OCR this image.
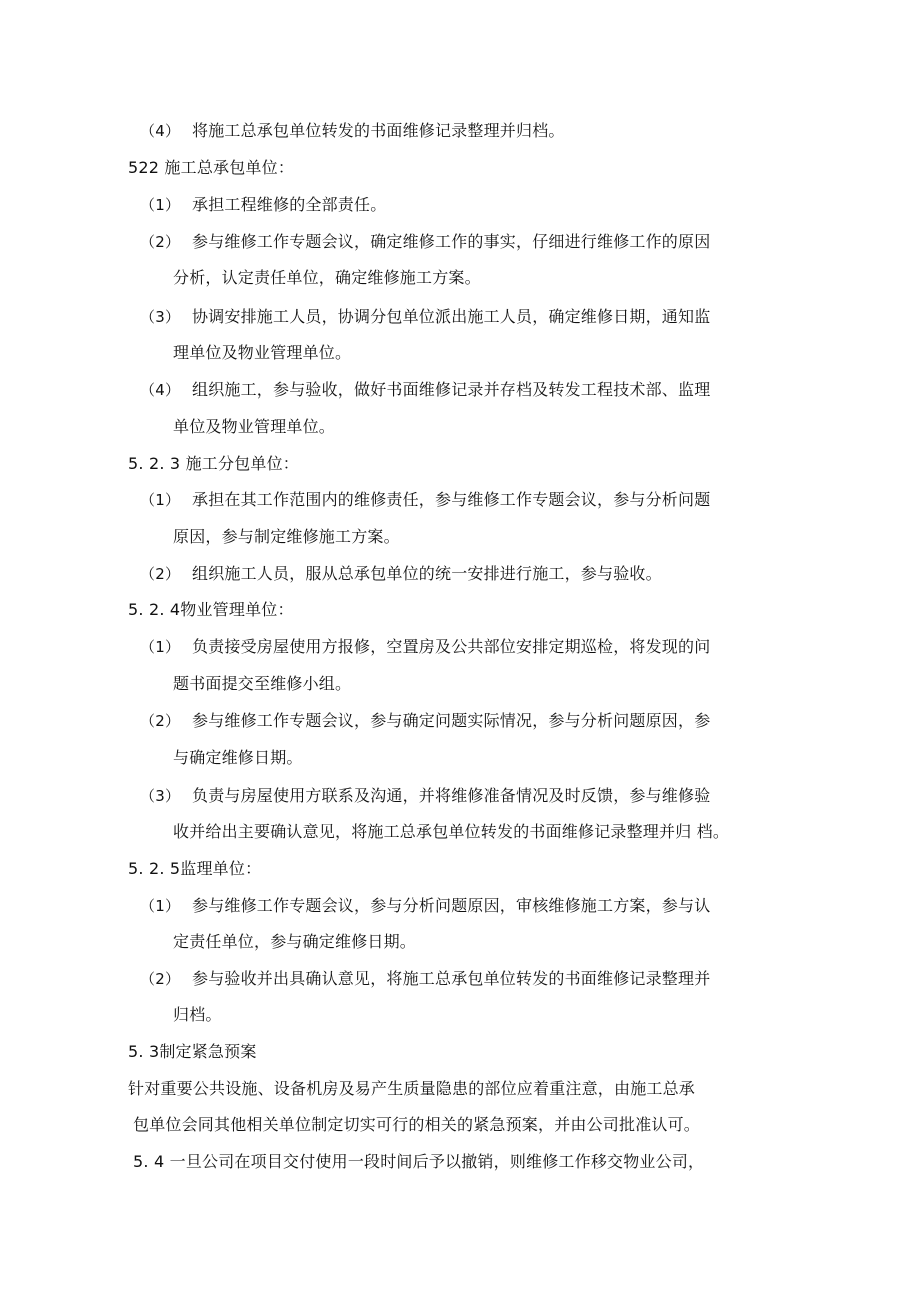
（4） 将施工总承包单位转发的书面维修记录整理并归档。
522 施工总承包单位：
（1） 承担工程维修的全部责任。
（2） 参与维修工作专题会议，确定维修工作的事实，仔细进行维修工作的原因
分析，认定责任单位，确定维修施工方案。
（3） 协调安排施工人员，协调分包单位派出施工人员，确定维修日期，通知监
理单位及物业管理单位。
（4） 组织施工，参与验收，做好书面维修记录并存档及转发工程技术部、监理
单位及物业管理单位。
5. 2. 3 施工分包单位：
（1） 承担在其工作范围内的维修责任，参与维修工作专题会议，参与分析问题
原因，参与制定维修施工方案。
（2） 组织施工人员，服从总承包单位的统一安排进行施工，参与验收。
5. 2. 4物业管理单位：
（1） 负责接受房屋使用方报修，空置房及公共部位安排定期巡检，将发现的问
题书面提交至维修小组。
（2） 参与维修工作专题会议，参与确定问题实际情况，参与分析问题原因，参
与确定维修日期。
（3） 负责与房屋使用方联系及沟通，并将维修准备情况及时反馈，参与维修验
收并给出主要确认意见，将施工总承包单位转发的书面维修记录整理并归 档。
5. 2. 5监理单位：
（1） 参与维修工作专题会议，参与分析问题原因，审核维修施工方案，参与认
定责任单位，参与确定维修日期。
（2） 参与验收并出具确认意见，将施工总承包单位转发的书面维修记录整理并
归档。
5. 3制定紧急预案
针对重要公共设施、设备机房及易产生质量隐患的部位应着重注意，由施工总承
包单位会同其他相关单位制定切实可行的相关的紧急预案，并由公司批准认可。
5. 4 一旦公司在项目交付使用一段时间后予以撤销，则维修工作移交物业公司，
